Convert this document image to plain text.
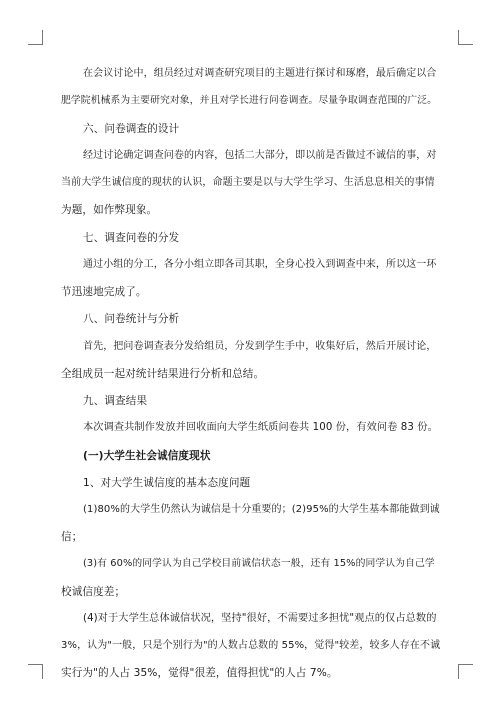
在会议讨论中，组员经过对调查研究项目的主题进行探讨和琢磨，最后确定以合
肥学院机械系为主要研究对象，并且对学长进行问卷调查。尽量争取调查范围的广泛。
六、问卷调查的设计
经过讨论确定调查问卷的内容，包括二大部分，即以前是否做过不诚信的事，对
当前大学生诚信度的现状的认识，命题主要是以与大学生学习、生活息息相关的事情
为题，如作弊现象。
七、调查问卷的分发
通过小组的分工，各分小组立即各司其职，全身心投入到调查中来，所以这一环
节迅速地完成了。
八、问卷统计与分析
首先，把问卷调查表分发给组员，分发到学生手中，收集好后，然后开展讨论，
全组成员一起对统计结果进行分析和总结。
九、调查结果
本次调查共制作发放并回收面向大学生纸质问卷共 100 份，有效问卷 83 份。
(一)大学生社会诚信度现状
1、对大学生诚信度的基本态度问题
(1)80%的大学生仍然认为诚信是十分重要的；(2)95%的大学生基本都能做到诚
信；
(3)有 60%的同学认为自己学校目前诚信状态一般，还有 15%的同学认为自己学
校诚信度差；
(4)对于大学生总体诚信状况，坚持"很好，不需要过多担忧"观点的仅占总数的
3%，认为"一般，只是个别行为"的人数占总数的 55%，觉得"较差，较多人存在不诚
实行为"的人占 35%，觉得"很差，值得担忧"的人占 7%。
